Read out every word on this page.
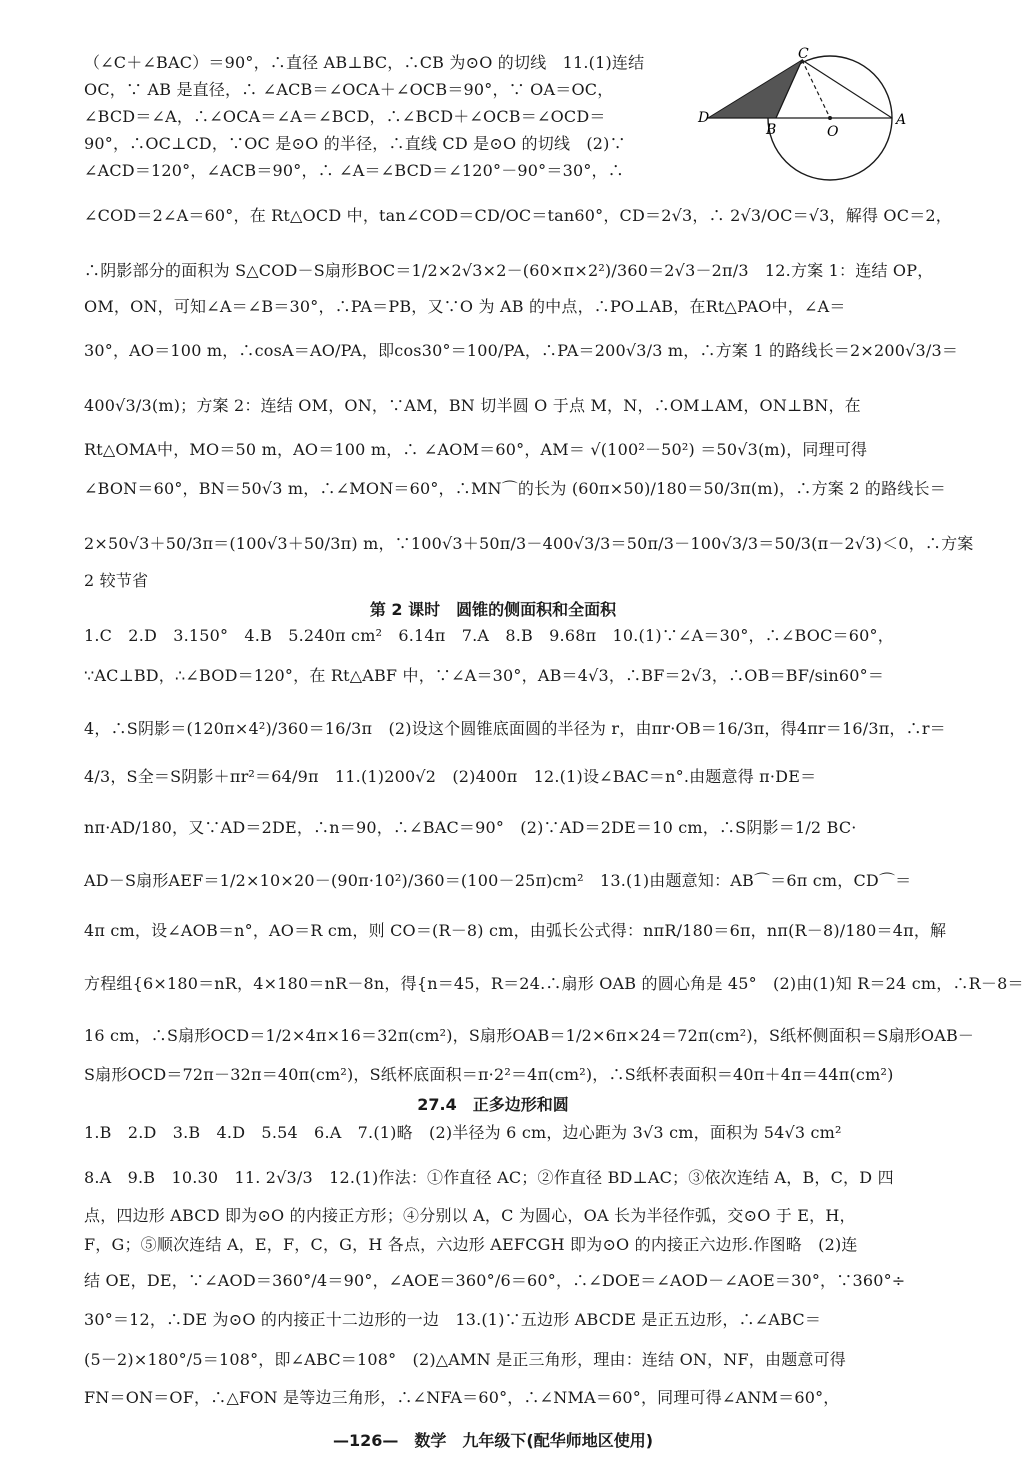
C
D
B	O
A
（∠C＋∠BAC）＝90°，∴直径 AB⊥BC，∴CB 为⊙O 的切线　11.(1)连结
OC，∵ AB 是直径，∴ ∠ACB＝∠OCA＋∠OCB＝90°，∵ OA＝OC，
∠BCD＝∠A，∴∠OCA＝∠A＝∠BCD，∴∠BCD＋∠OCB＝∠OCD＝
90°，∴OC⊥CD，∵OC 是⊙O 的半径，∴直线 CD 是⊙O 的切线　(2)∵
∠ACD＝120°，∠ACB＝90°，∴ ∠A＝∠BCD＝∠120°－90°＝30°，∴
∠COD＝2∠A＝60°，在 Rt△OCD 中，tan∠COD＝CD/OC＝tan60°，CD＝2√3，∴ 2√3/OC＝√3，解得 OC＝2，
∴阴影部分的面积为 S△COD－S扇形BOC＝1/2×2√3×2－(60×π×2²)/360＝2√3－2π/3　12.方案 1：连结 OP，
OM，ON，可知∠A＝∠B＝30°，∴PA＝PB，又∵O 为 AB 的中点，∴PO⊥AB，在Rt△PAO中，∠A＝
30°，AO＝100 m，∴cosA＝AO/PA，即cos30°＝100/PA，∴PA＝200√3/3 m，∴方案 1 的路线长＝2×200√3/3＝
400√3/3(m)；方案 2：连结 OM，ON，∵AM，BN 切半圆 O 于点 M，N，∴OM⊥AM，ON⊥BN，在
Rt△OMA中，MO＝50 m，AO＝100 m，∴ ∠AOM＝60°，AM＝ √(100²－50²) ＝50√3(m)，同理可得
∠BON＝60°，BN＝50√3 m，∴∠MON＝60°，∴MN⌒的长为 (60π×50)/180＝50/3π(m)，∴方案 2 的路线长＝
2×50√3＋50/3π＝(100√3＋50/3π) m，∵100√3＋50π/3－400√3/3＝50π/3－100√3/3＝50/3(π－2√3)＜0，∴方案
2 较节省
第 2 课时　圆锥的侧面积和全面积
1.C　2.D　3.150°　4.B　5.240π cm²　6.14π　7.A　8.B　9.68π　10.(1)∵∠A＝30°，∴∠BOC＝60°，
∵AC⊥BD，∴∠BOD＝120°，在 Rt△ABF 中，∵∠A＝30°，AB＝4√3，∴BF＝2√3，∴OB＝BF/sin60°＝
4，∴S阴影＝(120π×4²)/360＝16/3π　(2)设这个圆锥底面圆的半径为 r，由πr·OB＝16/3π，得4πr＝16/3π，∴r＝
4/3，S全＝S阴影＋πr²＝64/9π　11.(1)200√2　(2)400π　12.(1)设∠BAC＝n°.由题意得 π·DE＝
nπ·AD/180，又∵AD＝2DE，∴n＝90，∴∠BAC＝90°　(2)∵AD＝2DE＝10 cm，∴S阴影＝1/2 BC·
AD－S扇形AEF＝1/2×10×20－(90π·10²)/360＝(100－25π)cm²　13.(1)由题意知：AB⌒＝6π cm，CD⌒＝
4π cm，设∠AOB＝n°，AO＝R cm，则 CO＝(R－8) cm，由弧长公式得：nπR/180＝6π，nπ(R－8)/180＝4π，解
方程组{6×180＝nR，4×180＝nR－8n，得{n＝45，R＝24.∴扇形 OAB 的圆心角是 45°　(2)由(1)知 R＝24 cm，∴R－8＝
16 cm，∴S扇形OCD＝1/2×4π×16＝32π(cm²)，S扇形OAB＝1/2×6π×24＝72π(cm²)，S纸杯侧面积＝S扇形OAB－
S扇形OCD＝72π－32π＝40π(cm²)，S纸杯底面积＝π·2²＝4π(cm²)，∴S纸杯表面积＝40π＋4π＝44π(cm²)
27.4　正多边形和圆
1.B　2.D　3.B　4.D　5.54　6.A　7.(1)略　(2)半径为 6 cm，边心距为 3√3 cm，面积为 54√3 cm²
8.A　9.B　10.30　11. 2√3/3　12.(1)作法：①作直径 AC；②作直径 BD⊥AC；③依次连结 A，B，C，D 四
点，四边形 ABCD 即为⊙O 的内接正方形；④分别以 A，C 为圆心，OA 长为半径作弧，交⊙O 于 E，H，
F，G；⑤顺次连结 A，E，F，C，G，H 各点，六边形 AEFCGH 即为⊙O 的内接正六边形.作图略　(2)连
结 OE，DE，∵∠AOD＝360°/4＝90°，∠AOE＝360°/6＝60°，∴∠DOE＝∠AOD－∠AOE＝30°，∵360°÷
30°＝12，∴DE 为⊙O 的内接正十二边形的一边　13.(1)∵五边形 ABCDE 是正五边形，∴∠ABC＝
(5－2)×180°/5＝108°，即∠ABC＝108°　(2)△AMN 是正三角形，理由：连结 ON，NF，由题意可得
FN＝ON＝OF，∴△FON 是等边三角形，∴∠NFA＝60°，∴∠NMA＝60°，同理可得∠ANM＝60°，
—126—　数学　九年级下(配华师地区使用)
